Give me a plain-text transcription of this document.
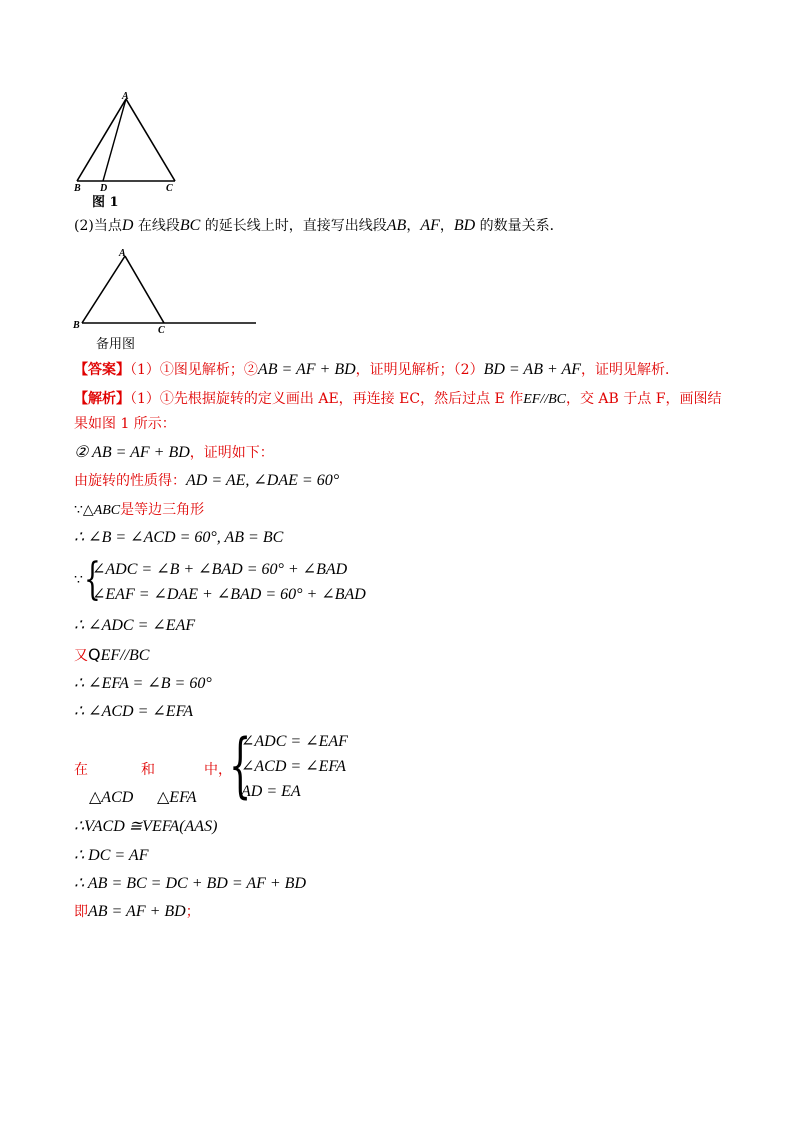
A
B D	C
图 1
(2)当点D 在线段BC 的延长线上时，直接写出线段AB，AF，BD 的数量关系．
A
B	C
备用图
【答案】（1）①图见解析；②AB = AF + BD，证明见解析；（2）BD = AB + AF，证明见解析．
【解析】（1）①先根据旋转的定义画出 AE，再连接 EC，然后过点 E 作EF//BC，交 AB 于点 F，画图结
果如图 1 所示：
② AB = AF + BD，证明如下：
由旋转的性质得：AD = AE, ∠DAE = 60°
∵△ABC是等边三角形
∴ ∠B = ∠ACD = 60°, AB = BC
∵ {
∠ADC = ∠B + ∠BAD = 60° + ∠BAD
∠EAF = ∠DAE + ∠BAD = 60° + ∠BAD
∴ ∠ADC = ∠EAF
又QEF//BC
∴ ∠EFA = ∠B = 60°
∴ ∠ACD = ∠EFA
在	和	中，
{
∠ADC = ∠EAF
∠ACD = ∠EFA
AD = EA
△ACD △EFA
∴VACD ≅VEFA(AAS)
∴ DC = AF
∴ AB = BC = DC + BD = AF + BD
即AB = AF + BD；
